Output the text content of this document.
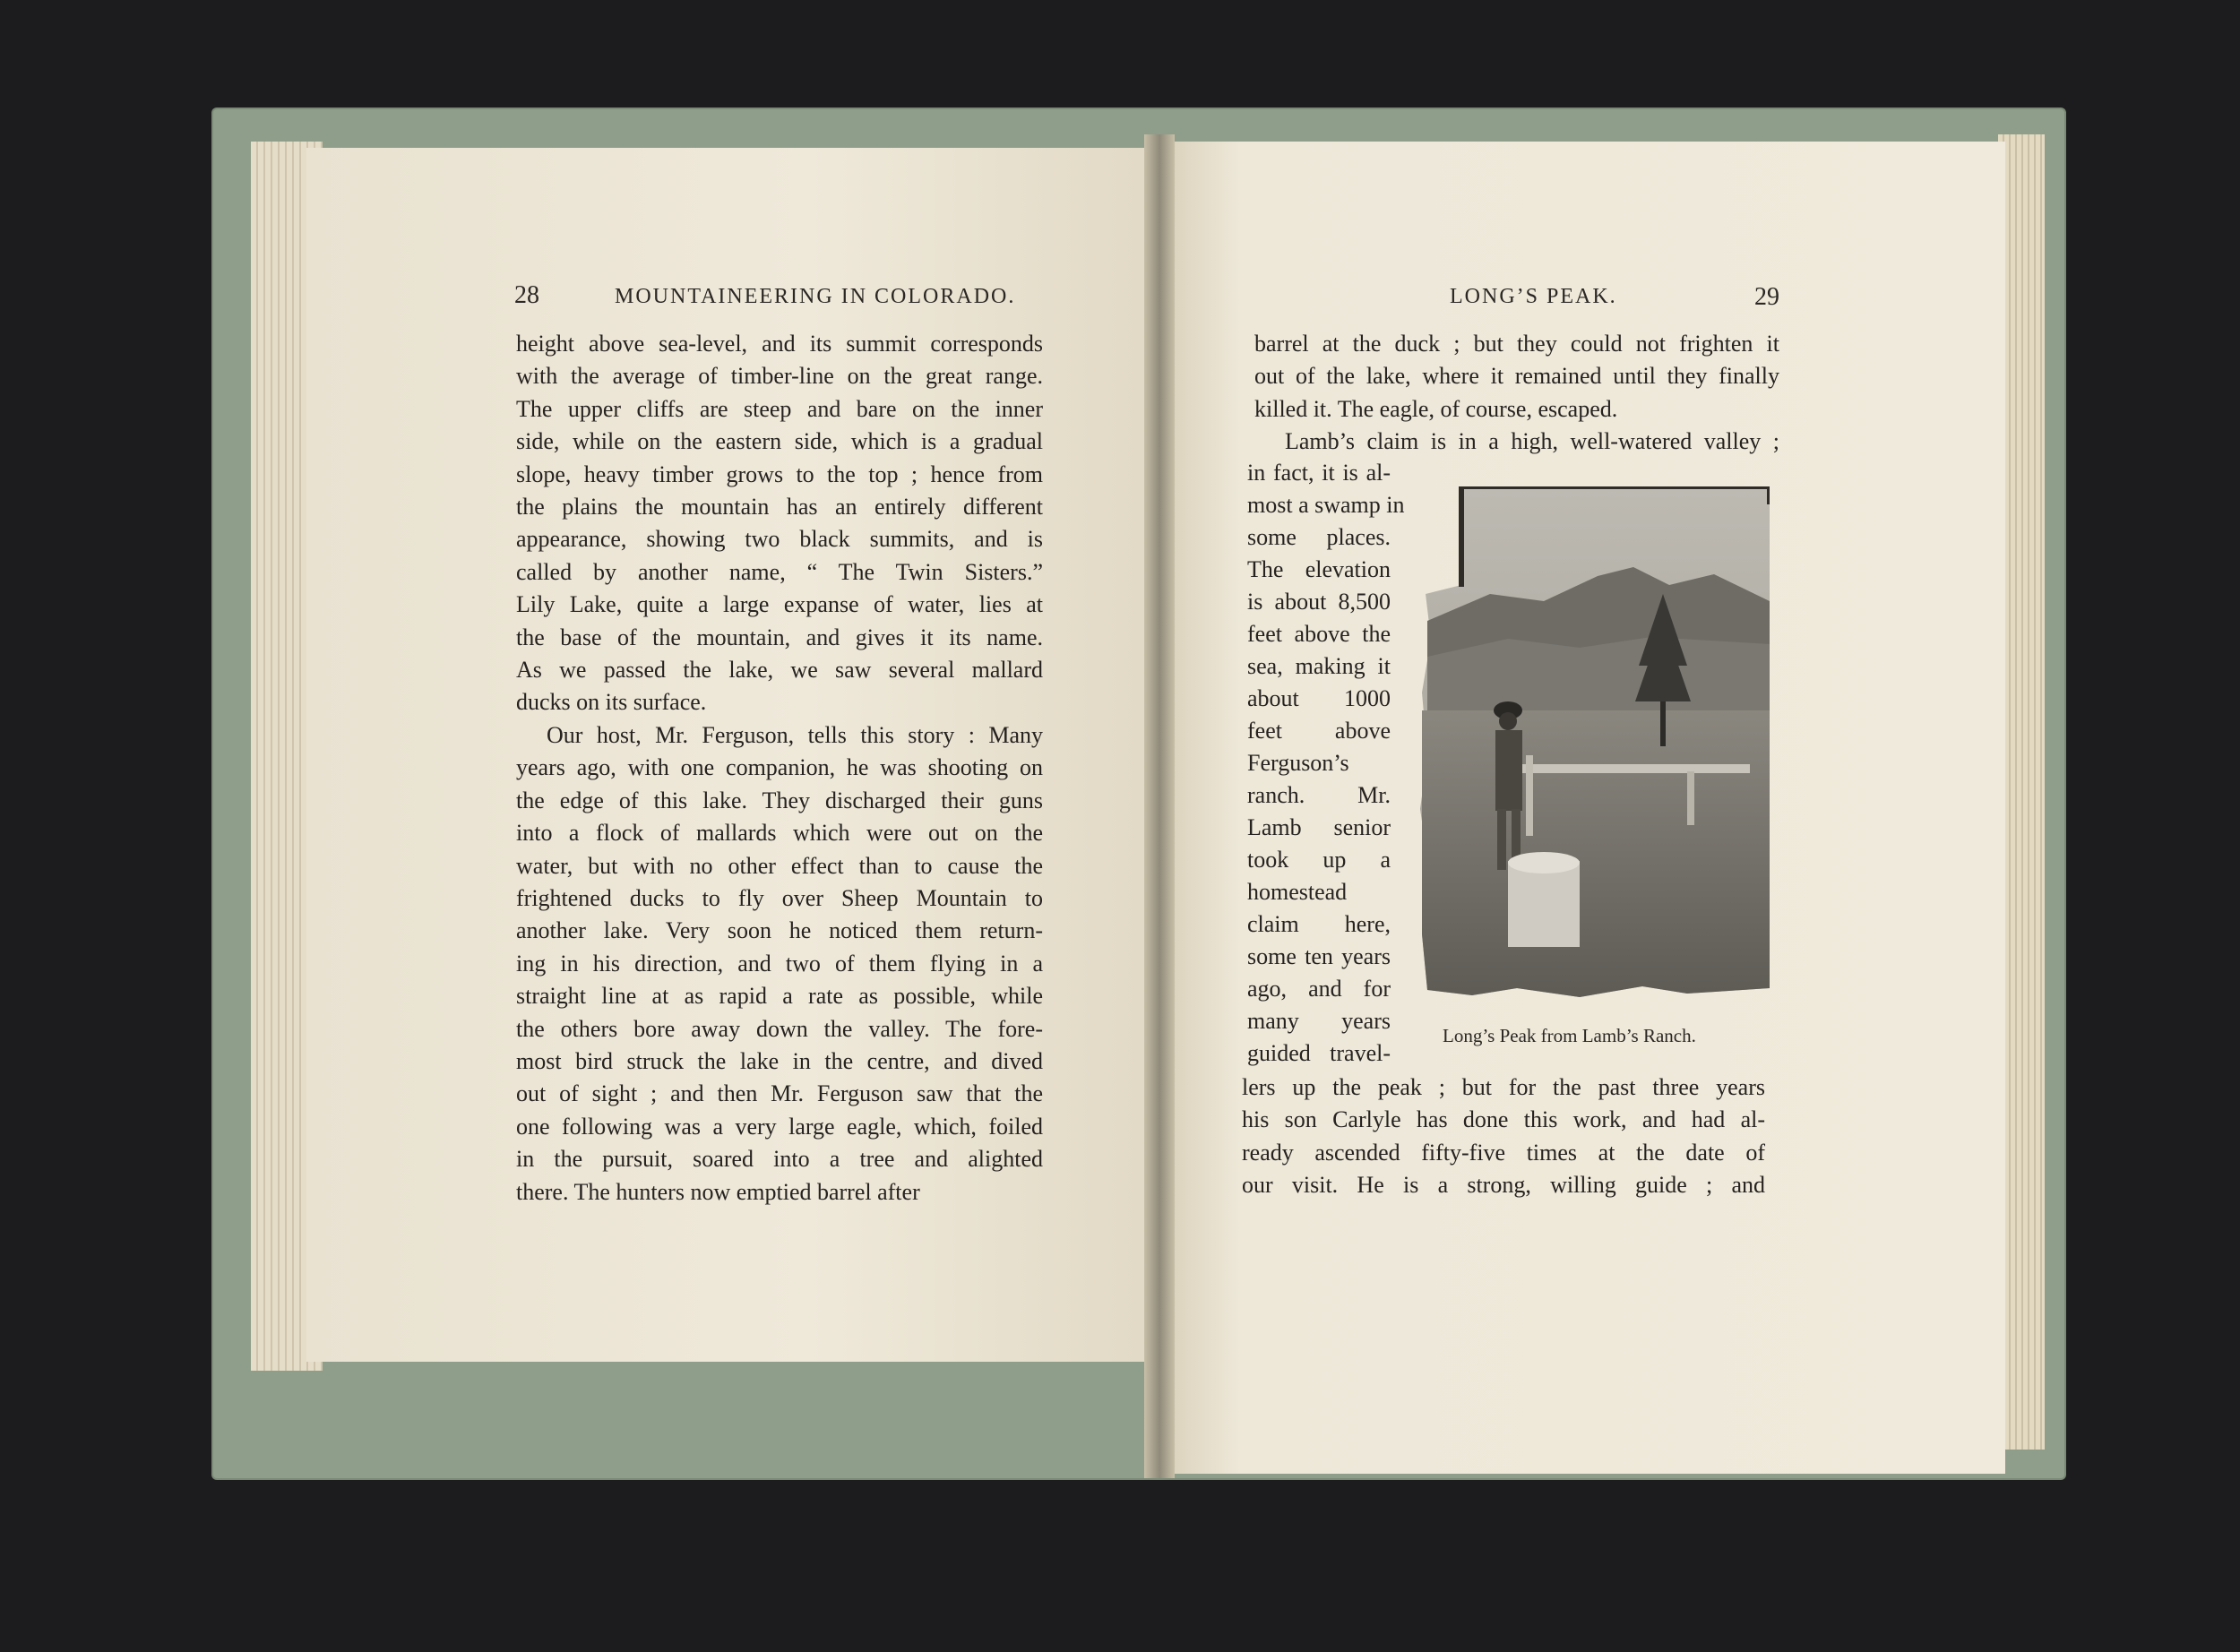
28	MOUNTAINEERING IN COLORADO.
height above sea-level, and its summit corresponds
with the average of timber-line on the great range.
The upper cliffs are steep and bare on the inner
side, while on the eastern side, which is a gradual
slope, heavy timber grows to the top ; hence from
the plains the mountain has an entirely different
appearance, showing two black summits, and is
called by another name, “ The Twin Sisters.”
Lily Lake, quite a large expanse of water, lies at
the base of the mountain, and gives it its name.
As we passed the lake, we saw several mallard
ducks on its surface.
Our host, Mr. Ferguson, tells this story : Many
years ago, with one companion, he was shooting on
the edge of this lake. They discharged their guns
into a flock of mallards which were out on the
water, but with no other effect than to cause the
frightened ducks to fly over Sheep Mountain to
another lake. Very soon he noticed them return-
ing in his direction, and two of them flying in a
straight line at as rapid a rate as possible, while
the others bore away down the valley. The fore-
most bird struck the lake in the centre, and dived
out of sight ; and then Mr. Ferguson saw that the
one following was a very large eagle, which, foiled
in the pursuit, soared into a tree and alighted
there. The hunters now emptied barrel after
LONG’S PEAK.	29
barrel at the duck ; but they could not frighten it
out of the lake, where it remained until they finally
killed it. The eagle, of course, escaped.
Lamb’s claim is in a high, well-watered valley ;
in fact, it is al-
most a swamp in
some places.
The elevation
is about 8,500
feet above the
sea, making it
about 1000
feet above
Ferguson’s
ranch. Mr.
Lamb senior
took up a
homestead
claim here,
some ten years
ago, and for
many years
guided travel-
Long’s Peak from Lamb’s Ranch.
lers up the peak ; but for the past three years
his son Carlyle has done this work, and had al-
ready ascended fifty-five times at the date of
our visit. He is a strong, willing guide ; and
